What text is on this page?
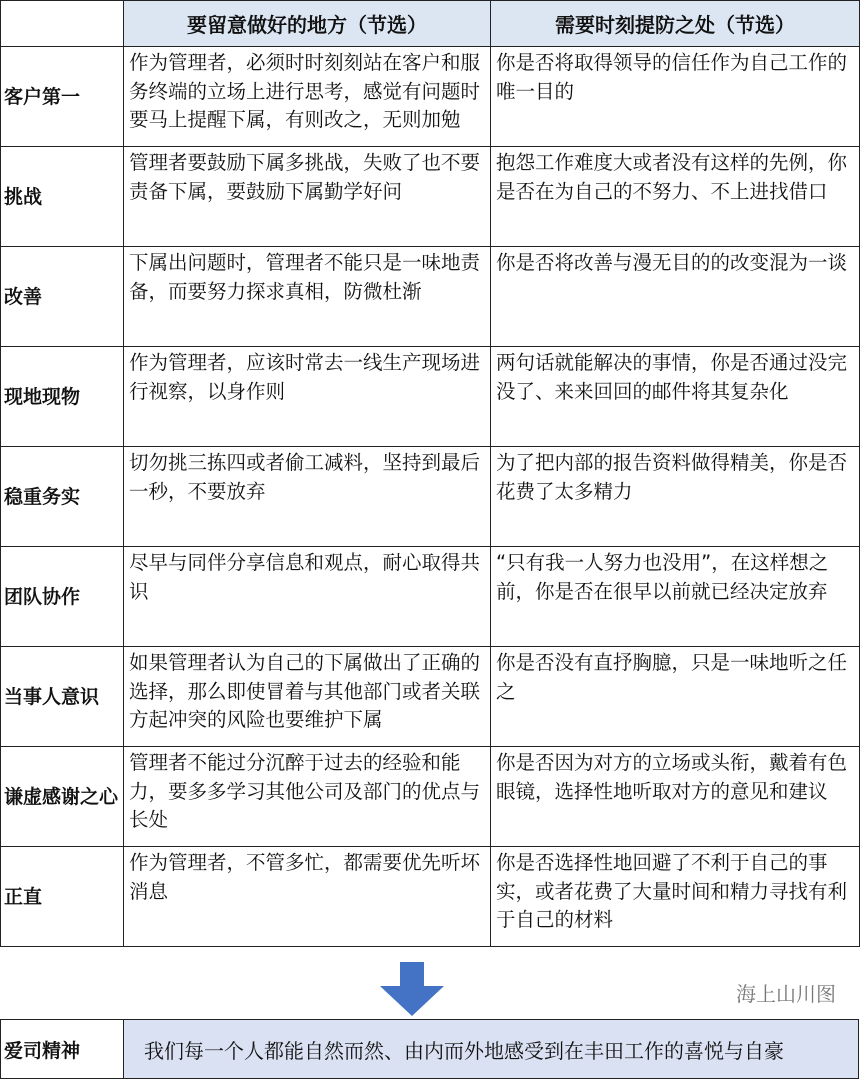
	要留意做好的地方（节选）	需要时刻提防之处（节选）
客户第一	作为管理者，必须时时刻刻站在客户和服务终端的立场上进行思考，感觉有问题时要马上提醒下属，有则改之，无则加勉	你是否将取得领导的信任作为自己工作的唯一目的

挑战	管理者要鼓励下属多挑战，失败了也不要责备下属，要鼓励下属勤学好问	抱怨工作难度大或者没有这样的先例，你是否在为自己的不努力、不上进找借口

改善	下属出问题时，管理者不能只是一味地责备，而要努力探求真相，防微杜渐	你是否将改善与漫无目的的改变混为一谈

现地现物	作为管理者，应该时常去一线生产现场进行视察，以身作则	两句话就能解决的事情，你是否通过没完没了、来来回回的邮件将其复杂化

稳重务实	切勿挑三拣四或者偷工减料，坚持到最后一秒，不要放弃	为了把内部的报告资料做得精美，你是否花费了太多精力

团队协作	尽早与同伴分享信息和观点，耐心取得共识	“只有我一人努力也没用”，在这样想之前，你是否在很早以前就已经决定放弃

当事人意识	如果管理者认为自己的下属做出了正确的选择，那么即使冒着与其他部门或者关联方起冲突的风险也要维护下属	你是否没有直抒胸臆，只是一味地听之任之

谦虚感谢之心	管理者不能过分沉醉于过去的经验和能力，要多多学习其他公司及部门的优点与长处	你是否因为对方的立场或头衔，戴着有色眼镜，选择性地听取对方的意见和建议

正直	作为管理者，不管多忙，都需要优先听坏消息	你是否选择性地回避了不利于自己的事实，或者花费了大量时间和精力寻找有利于自己的材料
海上山川图
爱司精神	我们每一个人都能自然而然、由内而外地感受到在丰田工作的喜悦与自豪
